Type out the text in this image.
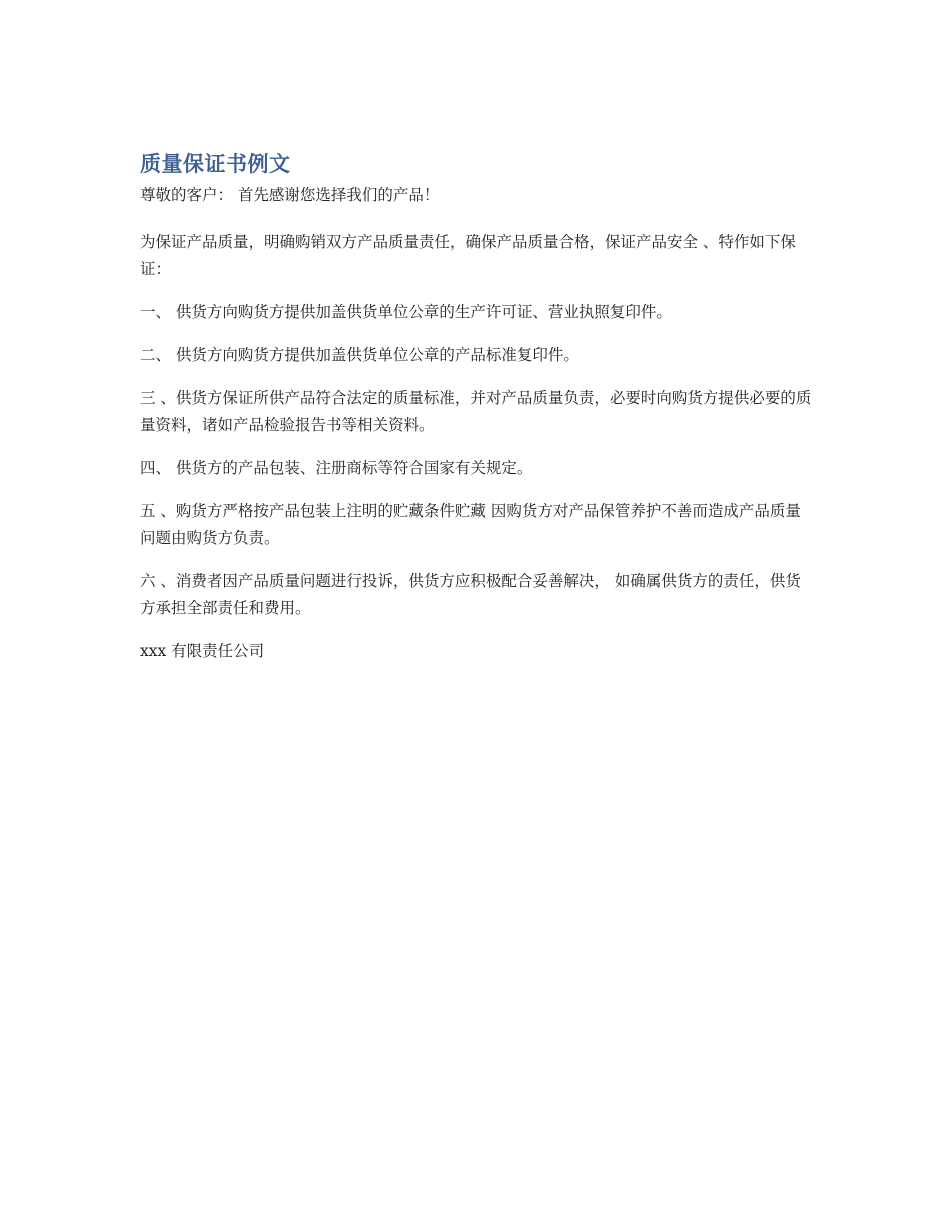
质量保证书例文

尊敬的客户： 首先感谢您选择我们的产品！

为保证产品质量，明确购销双方产品质量责任，确保产品质量合格，保证产品安全 、特作如下保证：

一、 供货方向购货方提供加盖供货单位公章的生产许可证、营业执照复印件。

二、 供货方向购货方提供加盖供货单位公章的产品标准复印件。

三 、供货方保证所供产品符合法定的质量标准，并对产品质量负责，必要时向购货方提供必要的质量资料，诸如产品检验报告书等相关资料。

四、 供货方的产品包装、注册商标等符合国家有关规定。

五 、购货方严格按产品包装上注明的贮藏条件贮藏 因购货方对产品保管养护不善而造成产品质量问题由购货方负责。

六 、消费者因产品质量问题进行投诉，供货方应积极配合妥善解决， 如确属供货方的责任，供货方承担全部责任和费用。

xxx 有限责任公司
